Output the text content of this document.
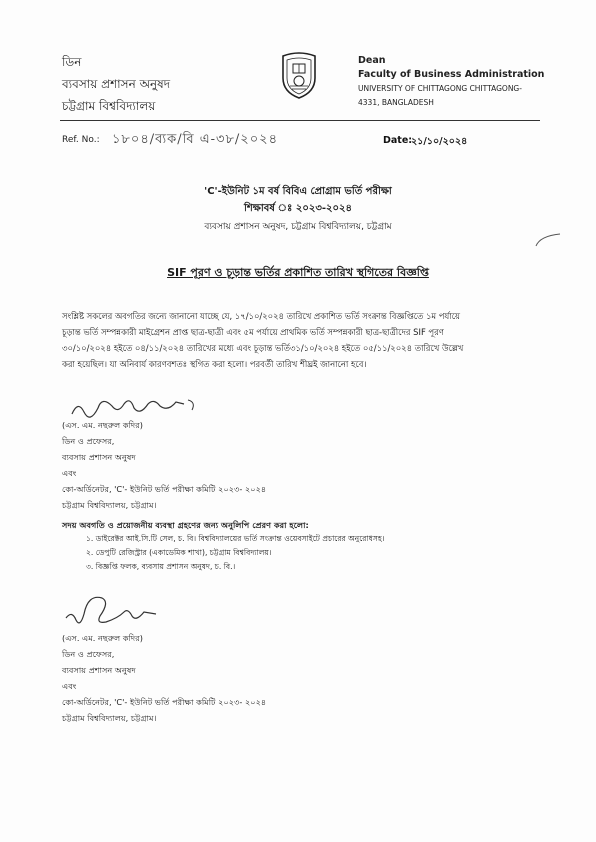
ডিন
ব্যবসায় প্রশাসন অনুষদ
চট্টগ্রাম বিশ্ববিদ্যালয়
Dean
Faculty of Business Administration
UNIVERSITY OF CHITTAGONG CHITTAGONG-
4331, BANGLADESH
Ref. No.: ১৮০৪/ব্যক/বি এ-৩৮/২০২৪	Date:
২১/১০/২০২৪
'C'-ইউনিট ১ম বর্ষ বিবিএ প্রোগ্রাম ভর্তি পরীক্ষা
শিক্ষাবর্ষ ঃ ২০২৩-২০২৪
ব্যবসায় প্রশাসন অনুষদ, চট্টগ্রাম বিশ্ববিদ্যালয়, চট্টগ্রাম
SIF পূরণ ও চূড়ান্ত ভর্তির প্রকাশিত তারিখ স্থগিতের বিজ্ঞপ্তি
সংশ্লিষ্ট সকলের অবগতির জন্যে জানানো যাচ্ছে যে, ১৭/১০/২০২৪ তারিখে প্রকাশিত ভর্তি সংক্রান্ত বিজ্ঞপ্তিতে ১ম পর্যায়ে
চূড়ান্ত ভর্তি সম্পন্নকারী মাইগ্রেশন প্রাপ্ত ছাত্র-ছাত্রী এবং ৫ম পর্যায়ে প্রাথমিক ভর্তি সম্পন্নকারী ছাত্র-ছাত্রীদের SIF পূরণ
৩০/১০/২০২৪ হইতে ০৪/১১/২০২৪ তারিখের মধ্যে এবং চূড়ান্ত ভর্তি৩১/১০/২০২৪ হইতে ০৫/১১/২০২৪ তারিখে উল্লেখ
করা হয়েছিল। যা অনিবার্য কারণবশতঃ স্থগিত করা হলো। পরবর্তী তারিখ শীঘ্রই জানানো হবে।
(এস. এম. নছরুল কদির)
ডিন ও প্রফেসর,
ব্যবসায় প্রশাসন অনুষদ
এবং
কো-অর্ডিনেটর, 'C'- ইউনিট ভর্তি পরীক্ষা কমিটি ২০২৩- ২০২৪
চট্টগ্রাম বিশ্ববিদ্যালয়, চট্টগ্রাম।
সদয় অবগতি ও প্রয়োজনীয় ব্যবস্থা গ্রহণের জন্য অনুলিপি প্রেরণ করা হলো:
১. ডাইরেক্টর আই.সি.টি সেল, চ. বি। বিশ্ববিদ্যালয়ের ভর্তি সংক্রান্ত ওয়েবসাইটে প্রচারের অনুরোধসহ।
২. ডেপুটি রেজিস্ট্রার (একাডেমিক শাখা), চট্টগ্রাম বিশ্ববিদ্যালয়।
৩. বিজ্ঞপ্তি ফলক, ব্যবসায় প্রশাসন অনুষদ, চ. বি.।
(এস. এম. নছরুল কদির)
ডিন ও প্রফেসর,
ব্যবসায় প্রশাসন অনুষদ
এবং
কো-অর্ডিনেটর, 'C'- ইউনিট ভর্তি পরীক্ষা কমিটি ২০২৩- ২০২৪
চট্টগ্রাম বিশ্ববিদ্যালয়, চট্টগ্রাম।
